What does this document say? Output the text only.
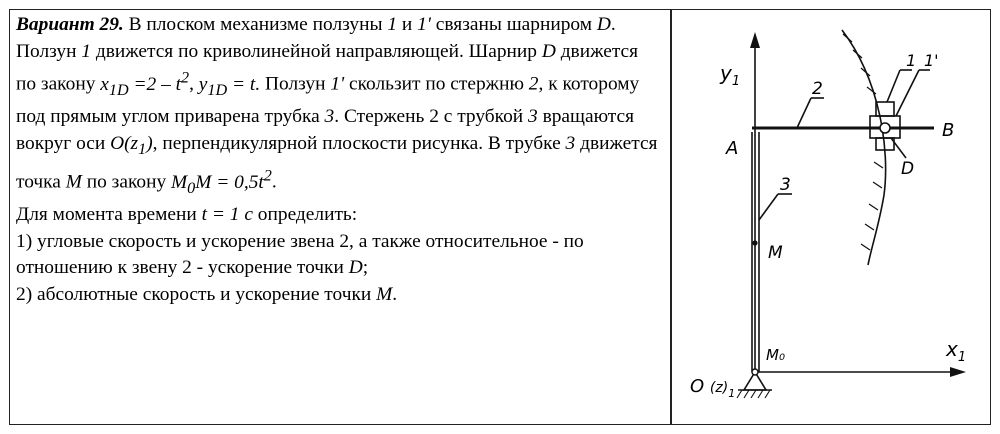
Вариант 29. В плоском механизме ползуны 1 и 1' связаны шарниром D. Ползун 1 движется по криволинейной направляющей. Шарнир D движется по закону $x_{1D} =2 - t^2$, $y_{1D} = t$. Ползун 1' скользит по стержню 2, к которому под прямым углом приварена трубка 3. Стержень 2 с трубкой 3 вращаются вокруг оси $O(z_1)$, перпендикулярной плоскости рисунка. В трубке 3 движется точка M по закону $M_0M = 0,5t^2$.

Для момента времени t = 1 с определить:

1) угловые скорость и ускорение звена 2, а также относительное - по отношению к звену 2 - ускорение точки D;

2) абсолютные скорость и ускорение точки M.

$y_1$
$x_1$
1 1'
2
3
A
B
D
M
M₀
O $(z)_1$
